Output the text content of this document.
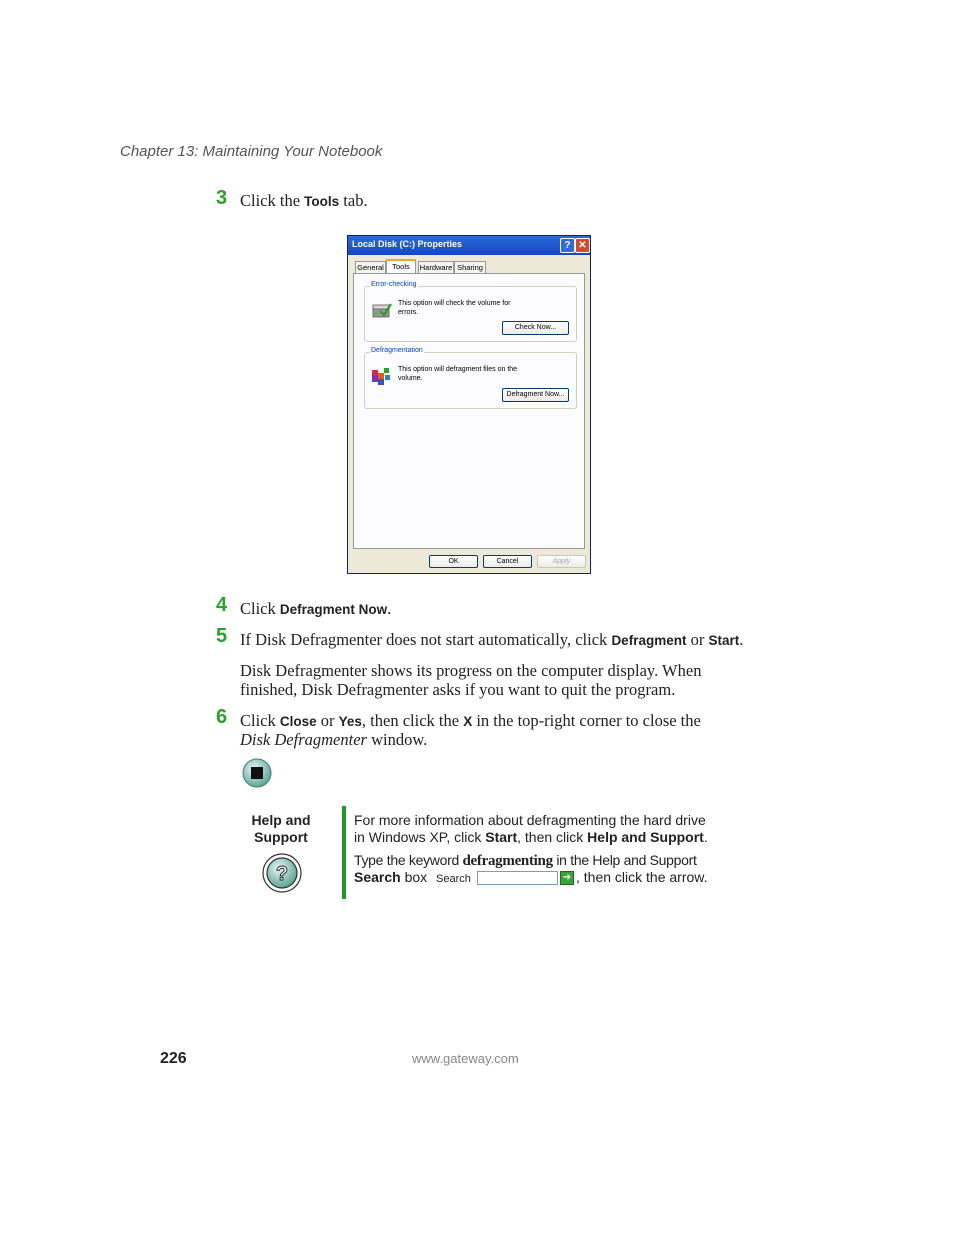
Chapter 13: Maintaining Your Notebook
3 Click the Tools tab.
Local Disk (C:) Properties	? ✕
General	Tools	Hardware Sharing
Error-checking
This option will check the volume for errors.
Check Now...
Defragmentation
This option will defragment files on the volume.
Defragment Now...
OK	Cancel	Apply
4 Click Defragment Now.
5 If Disk Defragmenter does not start automatically, click Defragment or Start.
Disk Defragmenter shows its progress on the computer display. When
finished, Disk Defragmenter asks if you want to quit the program.
6 Click Close or Yes, then click the X in the top-right corner to close the
Disk Defragmenter window.
Help and
Support
?
For more information about defragmenting the hard drive
in Windows XP, click Start, then click Help and Support.
Type the keyword defragmenting in the Help and Support
Search box Search	➔ , then click the arrow.
226	www.gateway.com
